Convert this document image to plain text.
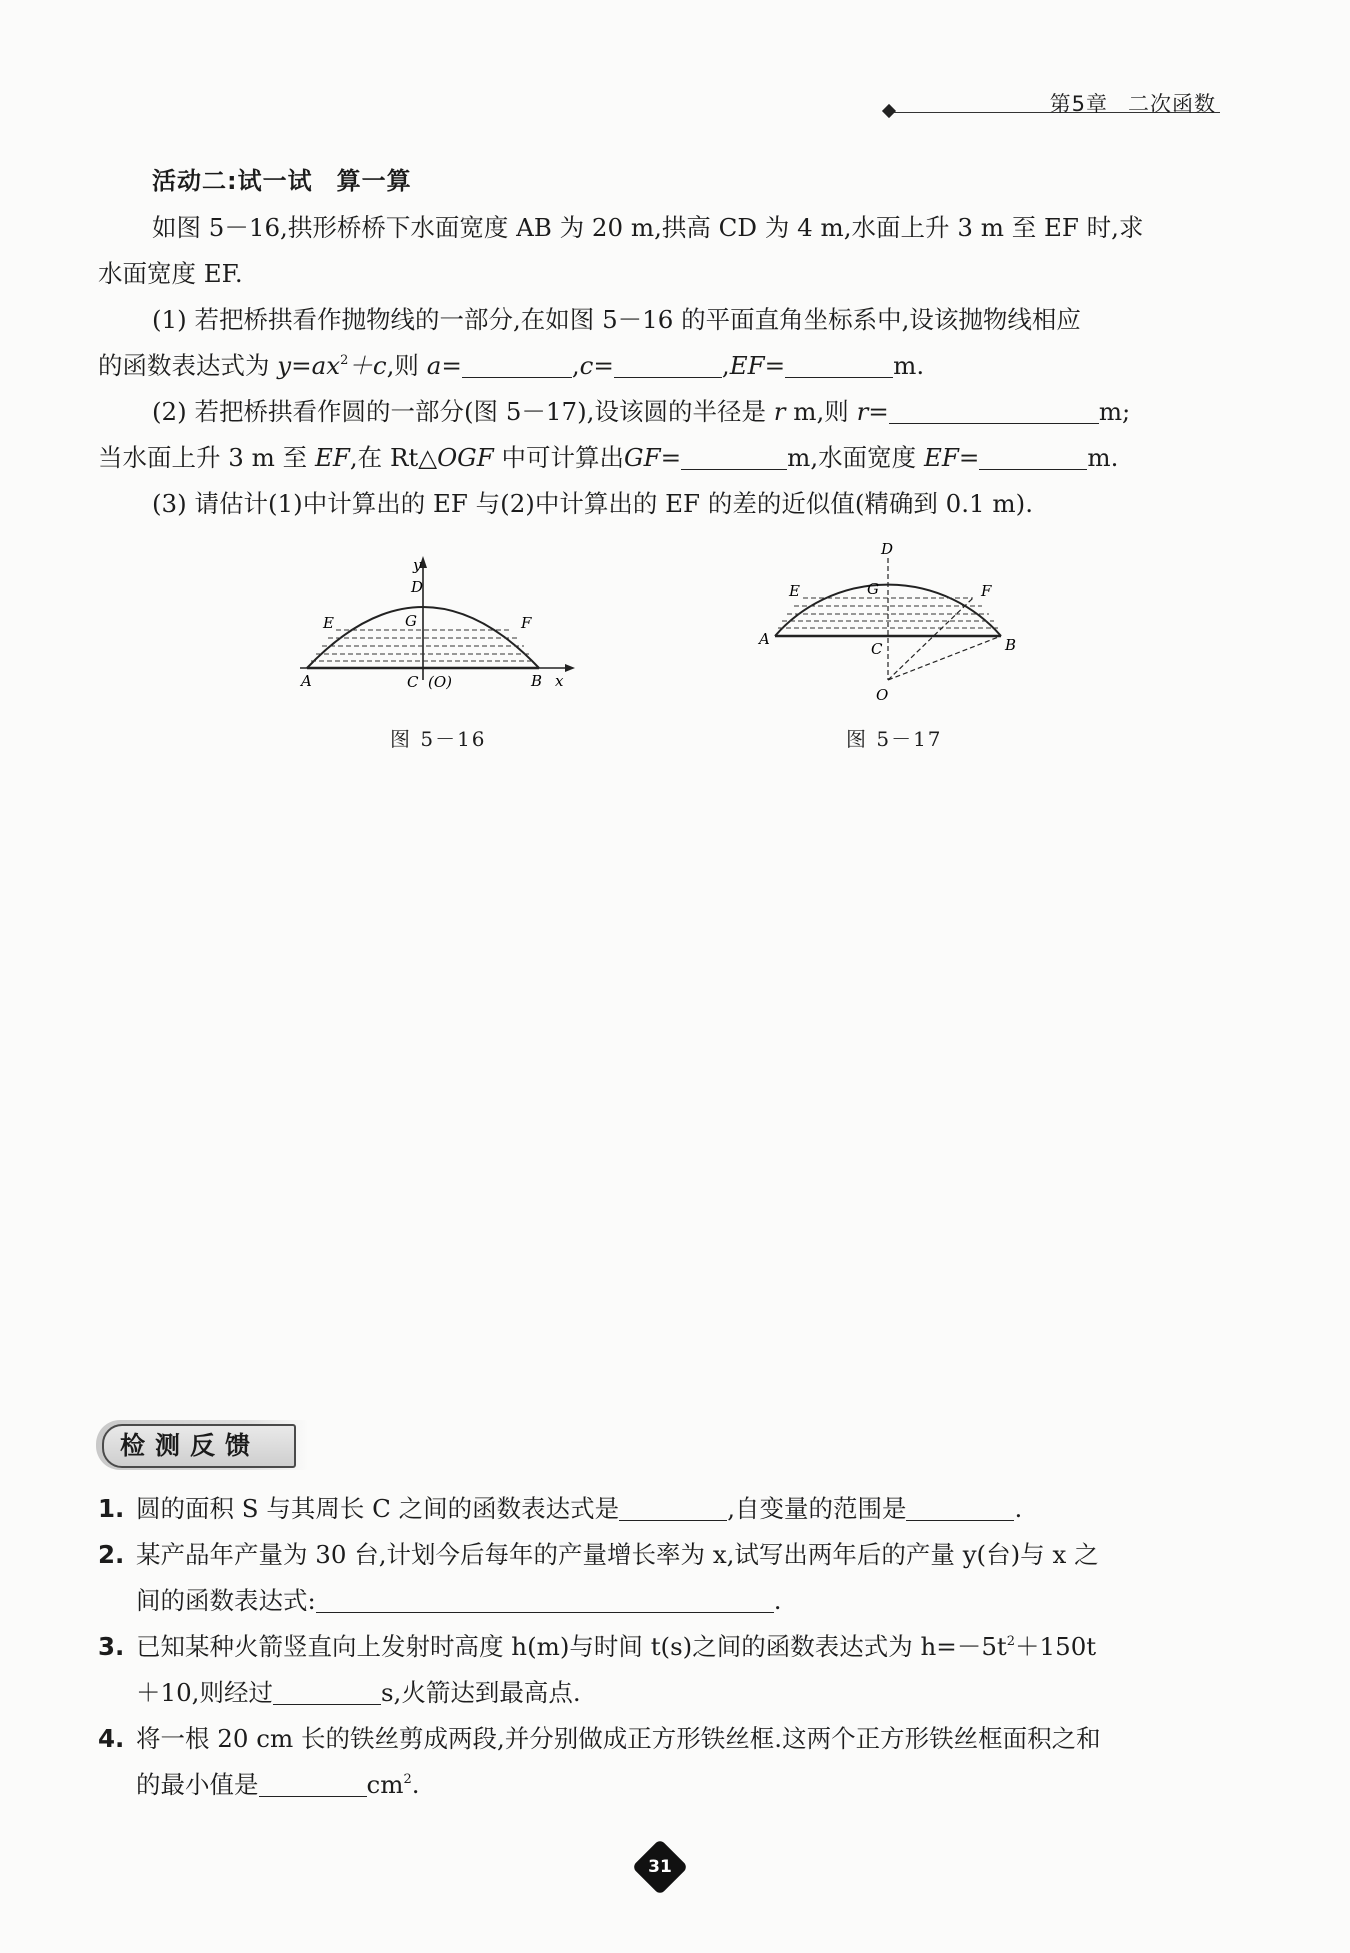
第5章 二次函数
活动二:试一试 算一算
如图 5－16,拱形桥桥下水面宽度 AB 为 20 m,拱高 CD 为 4 m,水面上升 3 m 至 EF 时,求
水面宽度 EF.
(1) 若把桥拱看作抛物线的一部分,在如图 5－16 的平面直角坐标系中,设该抛物线相应
的函数表达式为 $y=ax^2+c$,则 a=	,c=	,EF=	m.
(2) 若把桥拱看作圆的一部分(图 5－17),设该圆的半径是 r m,则 r=	m;
当水面上升 3 m 至 EF,在 Rt△OGF 中可计算出GF=	m,水面宽度 EF=	m.
(3) 请估计(1)中计算出的 EF 与(2)中计算出的 EF 的差的近似值(精确到 0.1 m).
y
D
E	G	F
A	C (O)	B x
图 5－16
D
E	G	F
A
C	B
O
图 5－17
检测反馈
1. 圆的面积 S 与其周长 C 之间的函数表达式是	,自变量的范围是	.
2. 某产品年产量为 30 台,计划今后每年的产量增长率为 x,试写出两年后的产量 y(台)与 x 之
间的函数表达式:	.
3. 已知某种火箭竖直向上发射时高度 h(m)与时间 t(s)之间的函数表达式为 $h=-5t^2+150t$
＋10,则经过	s,火箭达到最高点.
4. 将一根 20 cm 长的铁丝剪成两段,并分别做成正方形铁丝框.这两个正方形铁丝框面积之和
的最小值是	$cm^2$.
31
